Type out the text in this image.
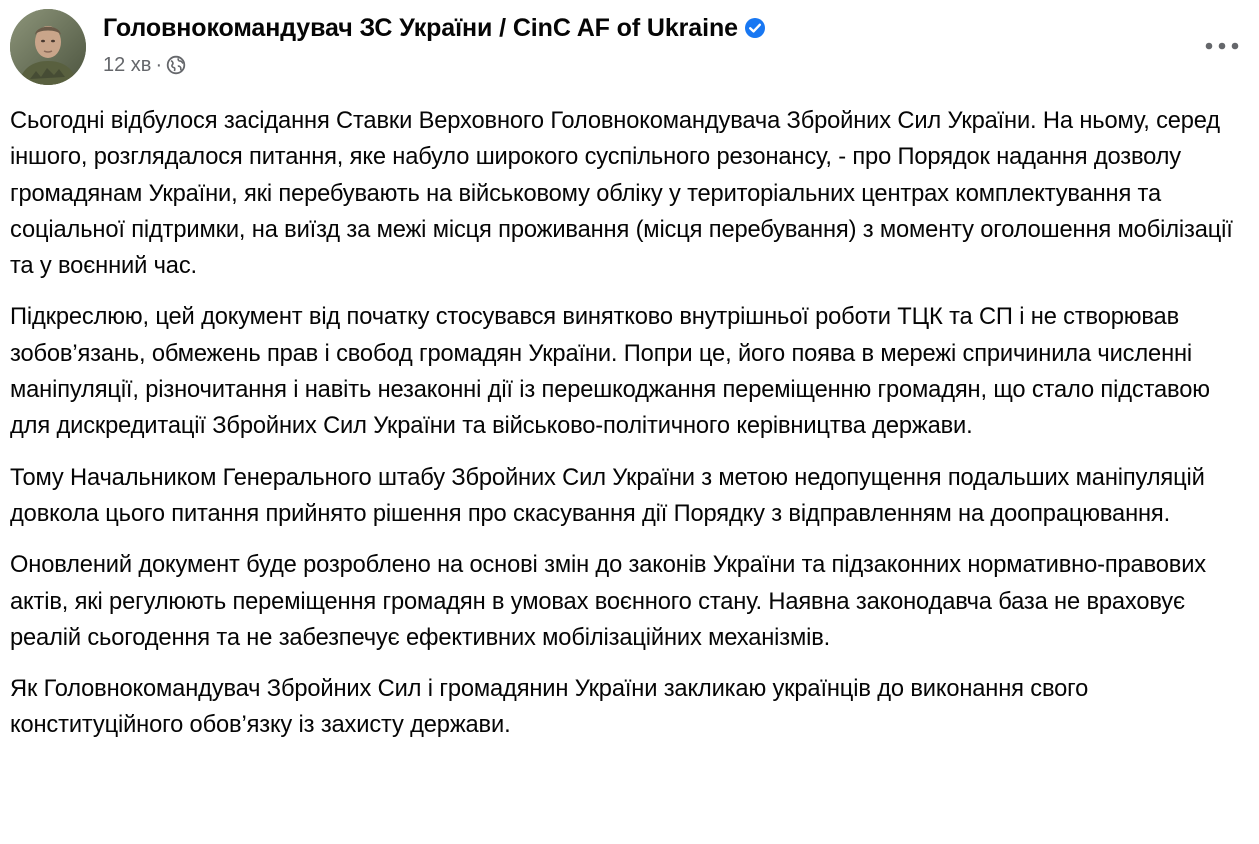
Головнокомандувач ЗС України / CinC AF of Ukraine
12 хв ·

Сьогодні відбулося засідання Ставки Верховного Головнокомандувача Збройних Сил України. На ньому, серед іншого, розглядалося питання, яке набуло широкого суспільного резонансу, - про Порядок надання дозволу громадянам України, які перебувають на військовому обліку у територіальних центрах комплектування та соціальної підтримки, на виїзд за межі місця проживання (місця перебування) з моменту оголошення мобілізації та у воєнний час.

Підкреслюю, цей документ від початку стосувався винятково внутрішньої роботи ТЦК та СП і не створював зобов’язань, обмежень прав і свобод громадян України. Попри це, його поява в мережі спричинила численні маніпуляції, різночитання і навіть незаконні дії із перешкоджання переміщенню громадян, що стало підставою для дискредитації Збройних Сил України та військово-політичного керівництва держави.

Тому Начальником Генерального штабу Збройних Сил України з метою недопущення подальших маніпуляцій довкола цього питання прийнято рішення про скасування дії Порядку з відправленням на доопрацювання.

Оновлений документ буде розроблено на основі змін до законів України та підзаконних нормативно-правових актів, які регулюють переміщення громадян в умовах воєнного стану. Наявна законодавча база не враховує реалій сьогодення та не забезпечує ефективних мобілізаційних механізмів.

Як Головнокомандувач Збройних Сил і громадянин України закликаю українців до виконання свого конституційного обов’язку із захисту держави.
